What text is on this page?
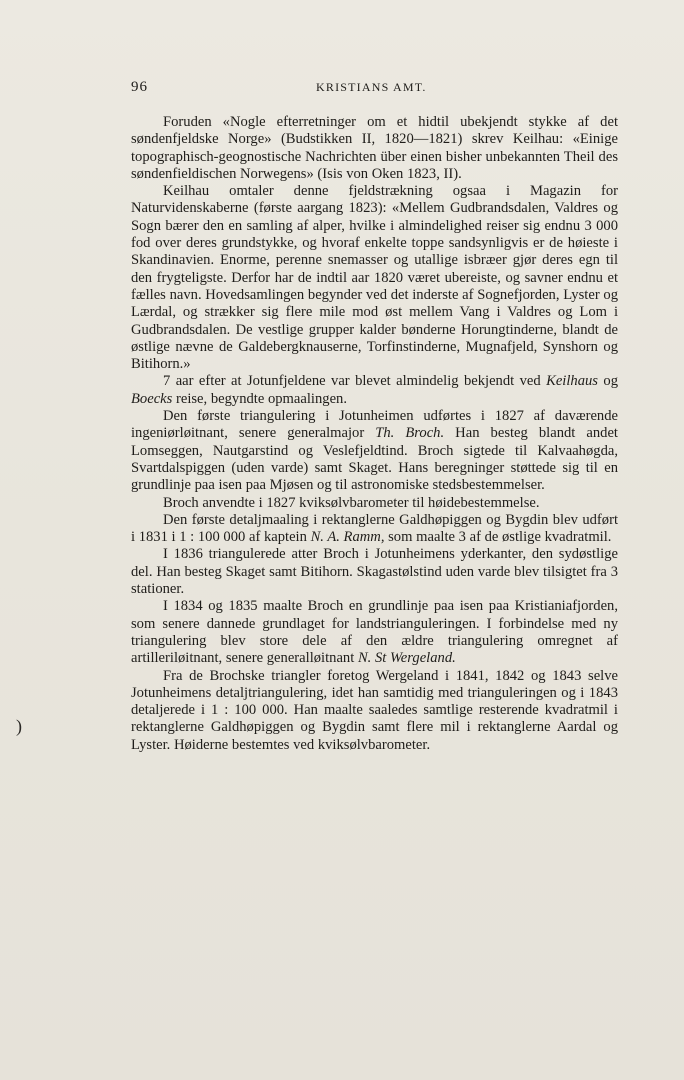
96	KRISTIANS AMT.
)

Foruden «Nogle efterretninger om et hidtil ubekjendt stykke af det søndenfjeldske Norge» (Budstikken II, 1820—1821) skrev Keilhau: «Einige topographisch-geognostische Nachrichten über einen bisher unbekannten Theil des søndenfieldischen Norwegens» (Isis von Oken 1823, II).

Keilhau omtaler denne fjeldstrækning ogsaa i Magazin for Naturvidenskaberne (første aargang 1823): «Mellem Gudbrandsdalen, Valdres og Sogn bærer den en samling af alper, hvilke i almindelighed reiser sig endnu 3 000 fod over deres grundstykke, og hvoraf enkelte toppe sandsynligvis er de høieste i Skandinavien. Enorme, perenne snemasser og utallige isbræer gjør deres egn til den frygteligste. Derfor har de indtil aar 1820 været ubereiste, og savner endnu et fælles navn. Hovedsamlingen begynder ved det inderste af Sognefjorden, Lyster og Lærdal, og strækker sig flere mile mod øst mellem Vang i Valdres og Lom i Gudbrandsdalen. De vestlige grupper kalder bønderne Horungtinderne, blandt de østlige nævne de Galdebergknauserne, Torfinstinderne, Mugnafjeld, Synshorn og Bitihorn.»

7 aar efter at Jotunfjeldene var blevet almindelig bekjendt ved Keilhaus og Boecks reise, begyndte opmaalingen.

Den første triangulering i Jotunheimen udførtes i 1827 af daværende ingeniørløitnant, senere generalmajor Th. Broch. Han besteg blandt andet Lomseggen, Nautgarstind og Veslefjeldtind. Broch sigtede til Kalvaahøgda, Svartdalspiggen (uden varde) samt Skaget. Hans beregninger støttede sig til en grundlinje paa isen paa Mjøsen og til astronomiske stedsbestemmelser.

Broch anvendte i 1827 kviksølvbarometer til høidebestemmelse.

Den første detaljmaaling i rektanglerne Galdhøpiggen og Bygdin blev udført i 1831 i 1 : 100 000 af kaptein N. A. Ramm, som maalte 3 af de østlige kvadratmil.

I 1836 triangulerede atter Broch i Jotunheimens yderkanter, den sydøstlige del. Han besteg Skaget samt Bitihorn. Skagastølstind uden varde blev tilsigtet fra 3 stationer.

I 1834 og 1835 maalte Broch en grundlinje paa isen paa Kristianiafjorden, som senere dannede grundlaget for landstrianguleringen. I forbindelse med ny triangulering blev store dele af den ældre triangulering omregnet af artilleriløitnant, senere generalløitnant N. St Wergeland.

Fra de Brochske triangler foretog Wergeland i 1841, 1842 og 1843 selve Jotunheimens detaljtriangulering, idet han samtidig med trianguleringen og i 1843 detaljerede i 1 : 100 000. Han maalte saaledes samtlige resterende kvadratmil i rektanglerne Galdhøpiggen og Bygdin samt flere mil i rektanglerne Aardal og Lyster. Høiderne bestemtes ved kviksølvbarometer.
